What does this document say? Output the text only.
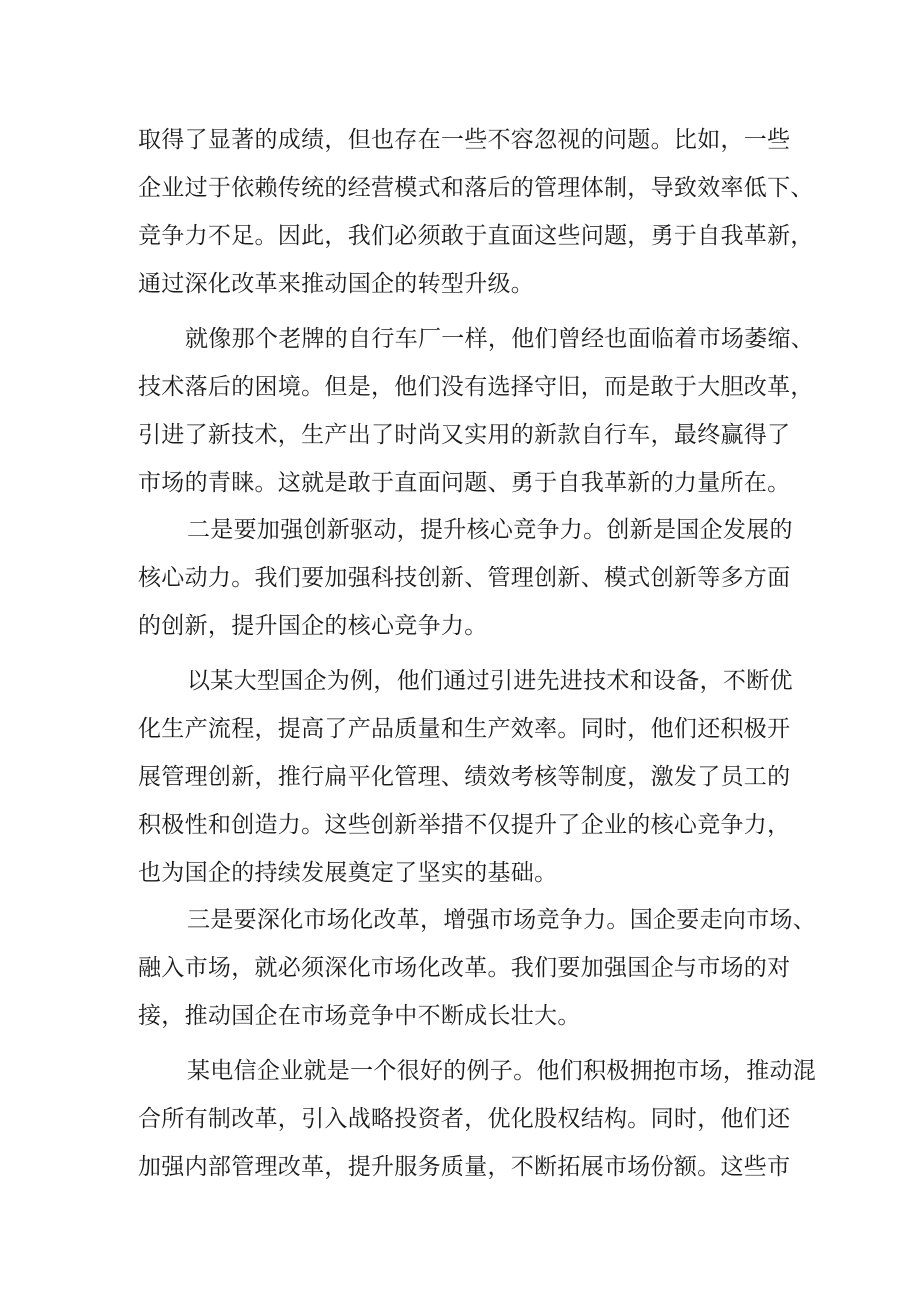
取得了显著的成绩，但也存在一些不容忽视的问题。比如，一些
企业过于依赖传统的经营模式和落后的管理体制，导致效率低下、
竞争力不足。因此，我们必须敢于直面这些问题，勇于自我革新，
通过深化改革来推动国企的转型升级。
就像那个老牌的自行车厂一样，他们曾经也面临着市场萎缩、
技术落后的困境。但是，他们没有选择守旧，而是敢于大胆改革，
引进了新技术，生产出了时尚又实用的新款自行车，最终赢得了
市场的青睐。这就是敢于直面问题、勇于自我革新的力量所在。
二是要加强创新驱动，提升核心竞争力。创新是国企发展的
核心动力。我们要加强科技创新、管理创新、模式创新等多方面
的创新，提升国企的核心竞争力。
以某大型国企为例，他们通过引进先进技术和设备，不断优
化生产流程，提高了产品质量和生产效率。同时，他们还积极开
展管理创新，推行扁平化管理、绩效考核等制度，激发了员工的
积极性和创造力。这些创新举措不仅提升了企业的核心竞争力，
也为国企的持续发展奠定了坚实的基础。
三是要深化市场化改革，增强市场竞争力。国企要走向市场、
融入市场，就必须深化市场化改革。我们要加强国企与市场的对
接，推动国企在市场竞争中不断成长壮大。
某电信企业就是一个很好的例子。他们积极拥抱市场，推动混
合所有制改革，引入战略投资者，优化股权结构。同时，他们还
加强内部管理改革，提升服务质量，不断拓展市场份额。这些市
